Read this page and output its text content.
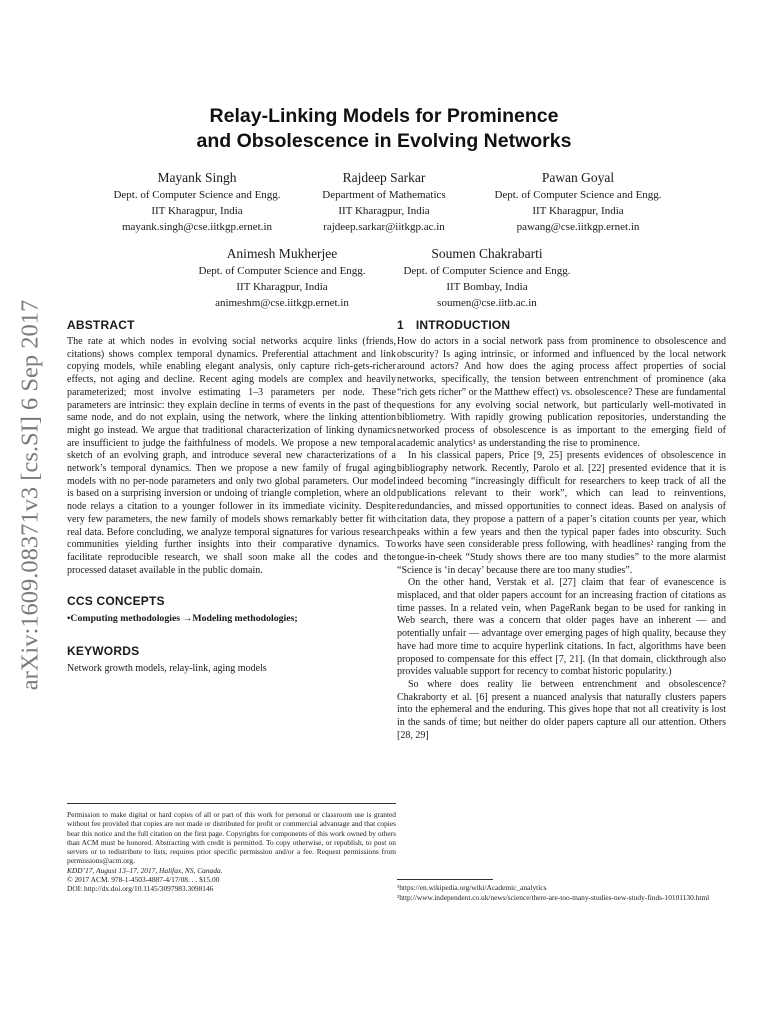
arXiv:1609.08371v3 [cs.SI] 6 Sep 2017
Relay-Linking Models for Prominence
and Obsolescence in Evolving Networks
Mayank Singh
Dept. of Computer Science and Engg.
IIT Kharagpur, India
mayank.singh@cse.iitkgp.ernet.in
Rajdeep Sarkar
Department of Mathematics
IIT Kharagpur, India
rajdeep.sarkar@iitkgp.ac.in
Pawan Goyal
Dept. of Computer Science and Engg.
IIT Kharagpur, India
pawang@cse.iitkgp.ernet.in
Animesh Mukherjee
Dept. of Computer Science and Engg.
IIT Kharagpur, India
animeshm@cse.iitkgp.ernet.in
Soumen Chakrabarti
Dept. of Computer Science and Engg.
IIT Bombay, India
soumen@cse.iitb.ac.in
ABSTRACT

The rate at which nodes in evolving social networks acquire links (friends, citations) shows complex temporal dynamics. Preferential attachment and link copying models, while enabling elegant analysis, only capture rich-gets-richer effects, not aging and decline. Recent aging models are complex and heavily parameterized; most involve estimating 1–3 parameters per node. These parameters are intrinsic: they explain decline in terms of events in the past of the same node, and do not explain, using the network, where the linking attention might go instead. We argue that traditional characterization of linking dynamics are insufficient to judge the faithfulness of models. We propose a new temporal sketch of an evolving graph, and introduce several new characterizations of a network’s temporal dynamics. Then we propose a new family of frugal aging models with no per-node parameters and only two global parameters. Our model is based on a surprising inversion or undoing of triangle completion, where an old node relays a citation to a younger follower in its immediate vicinity. Despite very few parameters, the new family of models shows remarkably better fit with real data. Before concluding, we analyze temporal signatures for various research communities yielding further insights into their comparative dynamics. To facilitate reproducible research, we shall soon make all the codes and the processed dataset available in the public domain.

CCS CONCEPTS

•Computing methodologies →Modeling methodologies;

KEYWORDS

Network growth models, relay-link, aging models

Permission to make digital or hard copies of all or part of this work for personal or classroom use is granted without fee provided that copies are not made or distributed for profit or commercial advantage and that copies bear this notice and the full citation on the first page. Copyrights for components of this work owned by others than ACM must be honored. Abstracting with credit is permitted. To copy otherwise, or republish, to post on servers or to redistribute to lists, requires prior specific permission and/or a fee. Request permissions from permissions@acm.org.

KDD’17, August 13–17, 2017, Halifax, NS, Canada.

© 2017 ACM. 978-1-4503-4887-4/17/08. . . $15.00

DOI: http://dx.doi.org/10.1145/3097983.3098146

1 INTRODUCTION

How do actors in a social network pass from prominence to obsolescence and obscurity? Is aging intrinsic, or informed and influenced by the local network around actors? And how does the aging process affect properties of social networks, specifically, the tension between entrenchment of prominence (aka “rich gets richer” or the Matthew effect) vs. obsolescence? These are fundamental questions for any evolving social network, but particularly well-motivated in bibliometry. With rapidly growing publication repositories, understanding the networked process of obsolescence is as important to the emerging field of academic analytics¹ as understanding the rise to prominence.

In his classical papers, Price [9, 25] presents evidences of obsolescence in bibliography network. Recently, Parolo et al. [22] presented evidence that it is indeed becoming “increasingly difficult for researchers to keep track of all the publications relevant to their work”, which can lead to reinventions, redundancies, and missed opportunities to connect ideas. Based on analysis of citation data, they propose a pattern of a paper’s citation counts per year, which peaks within a few years and then the typical paper fades into obscurity. Such works have seen considerable press following, with headlines² ranging from the tongue-in-cheek “Study shows there are too many studies” to the more alarmist “Science is ‘in decay’ because there are too many studies”.

On the other hand, Verstak et al. [27] claim that fear of evanescence is misplaced, and that older papers account for an increasing fraction of citations as time passes. In a related vein, when PageRank began to be used for ranking in Web search, there was a concern that older pages have an inherent — and potentially unfair — advantage over emerging pages of high quality, because they have had more time to acquire hyperlink citations. In fact, algorithms have been proposed to compensate for this effect [7, 21]. (In that domain, clickthrough also provides valuable support for recency to combat historic popularity.)

So where does reality lie between entrenchment and obsolescence? Chakraborty et al. [6] present a nuanced analysis that naturally clusters papers into the ephemeral and the enduring. This gives hope that not all creativity is lost in the sands of time; but neither do older papers capture all our attention. Others [28, 29]

¹https://en.wikipedia.org/wiki/Academic_analytics

²http://www.independent.co.uk/news/science/there-are-too-many-studies-new-study-finds-10101130.html
